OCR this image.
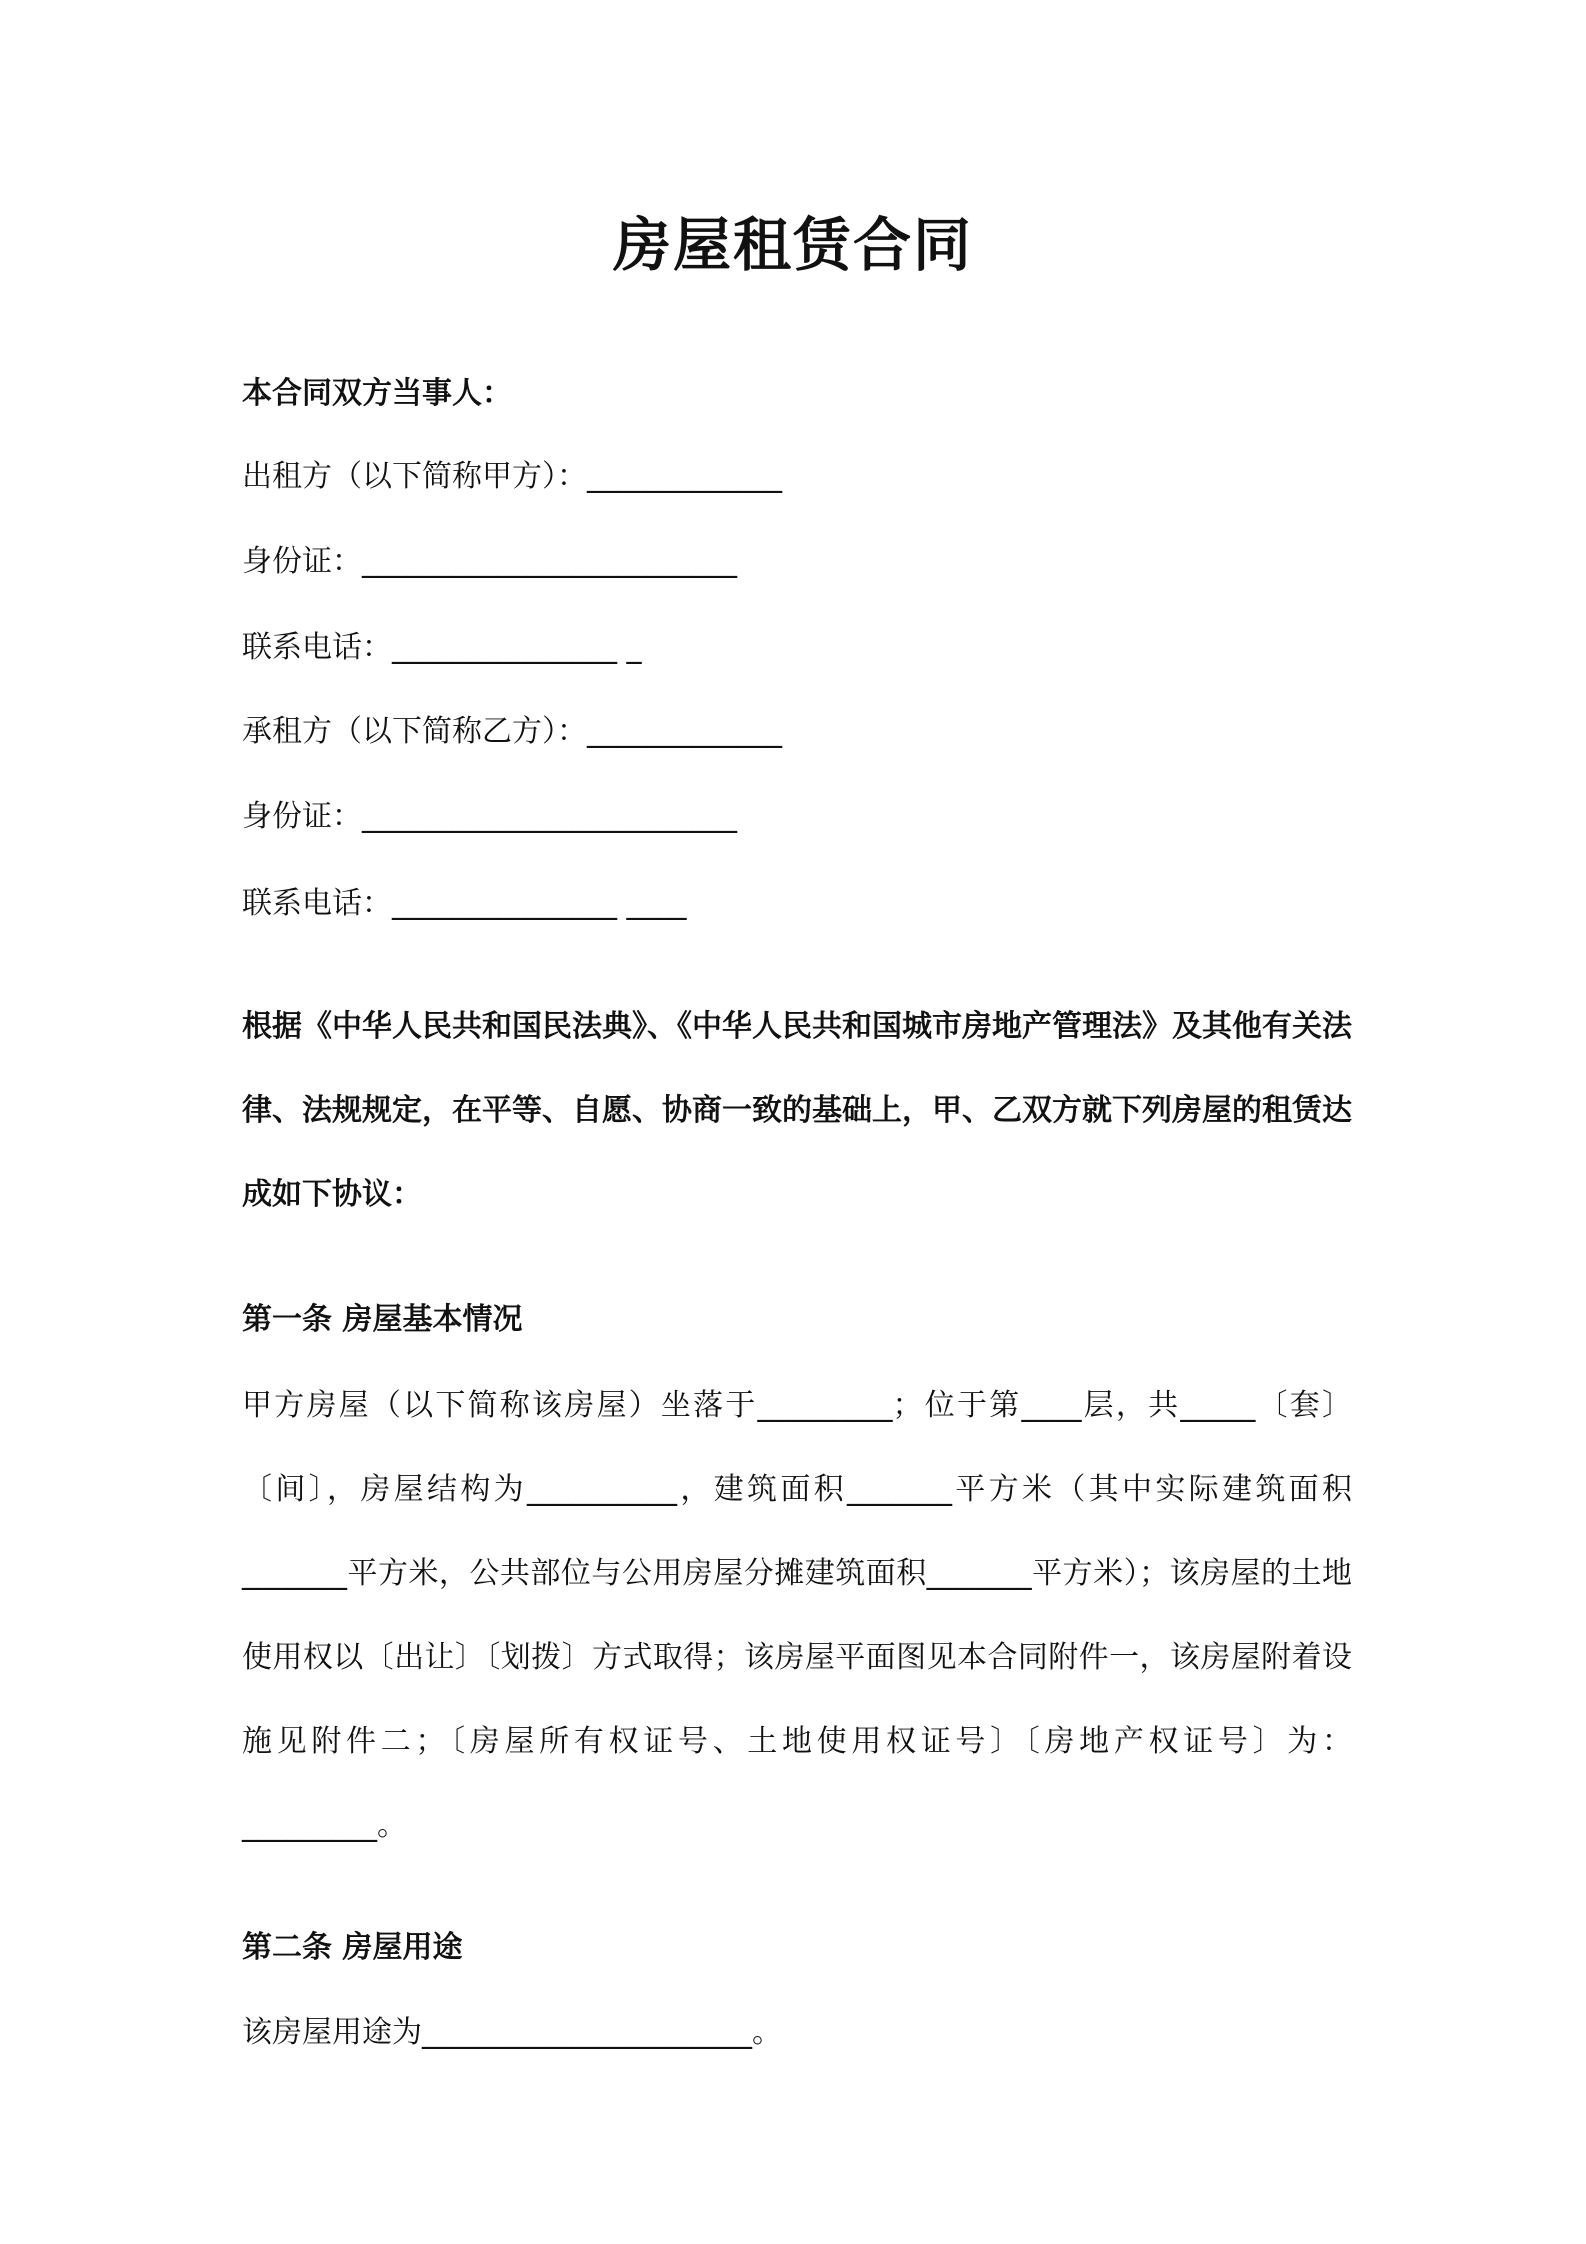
房屋租赁合同
本合同双方当事人：
出租方（以下简称甲方）：_____________
身份证：_________________________
联系电话：_______________ _
承租方（以下简称乙方）：_____________
身份证：_________________________
联系电话：_______________ ____
根据《中华人民共和国民法典》、《中华人民共和国城市房地产管理法》及其他有关法律、法规规定，在平等、自愿、协商一致的基础上，甲、乙双方就下列房屋的租赁达成如下协议：
第一条 房屋基本情况
甲方房屋（以下简称该房屋）坐落于_________；位于第____层，共_____〔套〕〔间〕，房屋结构为__________，建筑面积_______平方米（其中实际建筑面积_______平方米，公共部位与公用房屋分摊建筑面积_______平方米）；该房屋的土地使用权以〔出让〕〔划拨〕方式取得；该房屋平面图见本合同附件一，该房屋附着设施见附件二；〔房屋所有权证号、土地使用权证号〕〔房地产权证号〕为：_________。
第二条 房屋用途
该房屋用途为______________________。
